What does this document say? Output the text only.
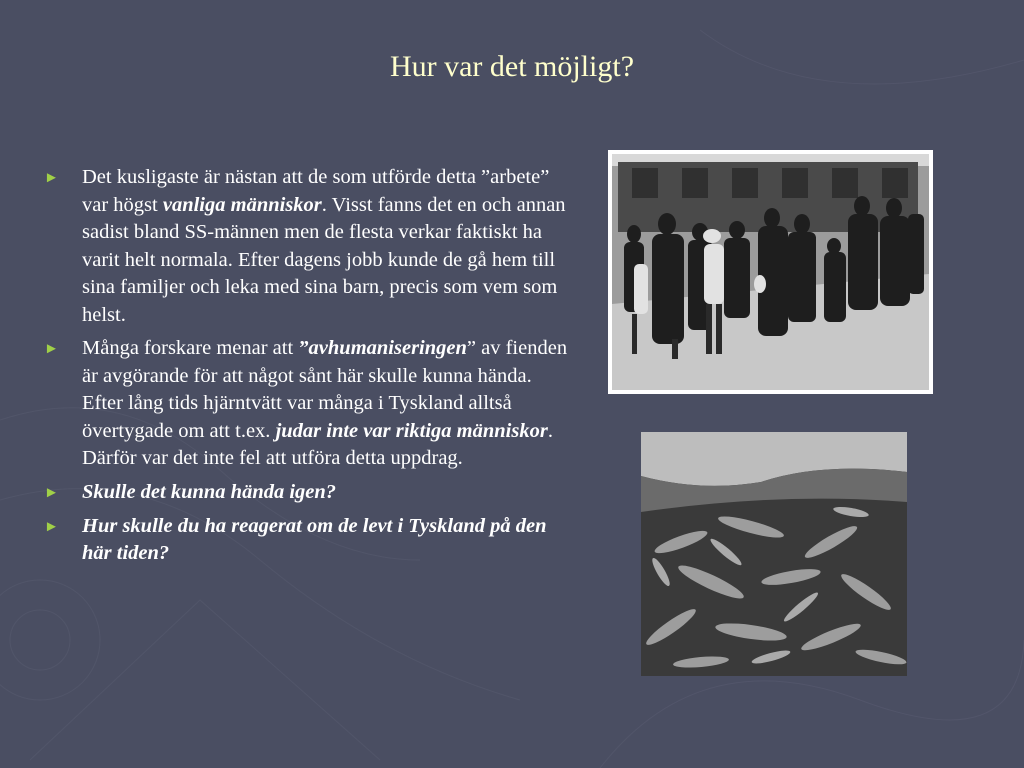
Hur var det möjligt?
►	Det kusligaste är nästan att de som utförde detta ”arbete” var högst vanliga människor. Visst fanns det en och annan sadist bland SS-männen men de flesta verkar faktiskt ha varit helt normala. Efter dagens jobb kunde de gå hem till sina familjer och leka med sina barn, precis som vem som helst.
►	Många forskare menar att ”avhumaniseringen” av fienden är avgörande för att något sånt här skulle kunna hända. Efter lång tids hjärntvätt var många i Tyskland alltså övertygade om att t.ex. judar inte var riktiga människor. Därför var det inte fel att utföra detta uppdrag.
►	Skulle det kunna hända igen?
►	Hur skulle du ha reagerat om de levt i Tyskland på den här tiden?
